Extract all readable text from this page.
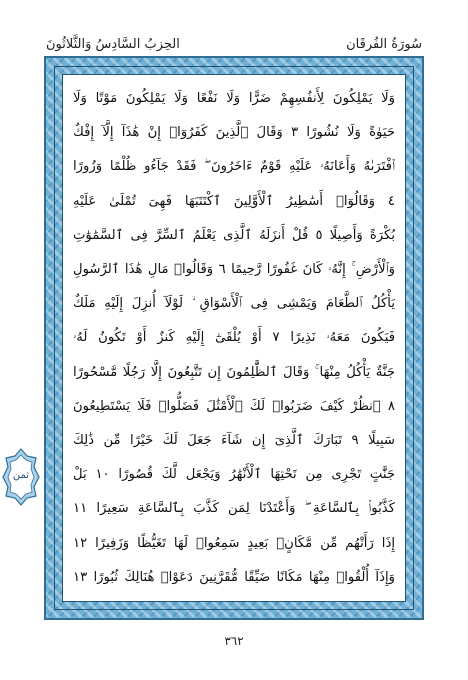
سُورَةُ الفُرقَان
الحِزبُ السَّادِسُ وَالثَّلاثُونَ
وَلَا يَمْلِكُونَ لِأَنفُسِهِمْ ضَرًّا وَلَا نَفْعًا وَلَا يَمْلِكُونَ مَوْتًا وَلَا
حَيَوٰةً وَلَا نُشُورًا ٣ وَقَالَ ٱلَّذِينَ كَفَرُوٓا۟ إِنْ هَٰذَآ إِلَّآ إِفْكٌ
ٱفْتَرَىٰهُ وَأَعَانَهُۥ عَلَيْهِ قَوْمٌ ءَاخَرُونَ ۖ فَقَدْ جَآءُو ظُلْمًا وَزُورًا
٤ وَقَالُوٓا۟ أَسَٰطِيرُ ٱلْأَوَّلِينَ ٱكْتَتَبَهَا فَهِىَ تُمْلَىٰ عَلَيْهِ
بُكْرَةً وَأَصِيلًا ٥ قُلْ أَنزَلَهُ ٱلَّذِى يَعْلَمُ ٱلسِّرَّ فِى ٱلسَّمَٰوَٰتِ
وَٱلْأَرْضِ ۚ إِنَّهُۥ كَانَ غَفُورًا رَّحِيمًا ٦ وَقَالُوا۟ مَالِ هَٰذَا ٱلرَّسُولِ
يَأْكُلُ ٱلطَّعَامَ وَيَمْشِى فِى ٱلْأَسْوَاقِ ۙ لَوْلَآ أُنزِلَ إِلَيْهِ مَلَكٌ
فَيَكُونَ مَعَهُۥ نَذِيرًا ٧ أَوْ يُلْقَىٰٓ إِلَيْهِ كَنزٌ أَوْ تَكُونُ لَهُۥ
جَنَّةٌ يَأْكُلُ مِنْهَا ۚ وَقَالَ ٱلظَّٰلِمُونَ إِن تَتَّبِعُونَ إِلَّا رَجُلًا مَّسْحُورًا
٨ ٱنظُرْ كَيْفَ ضَرَبُوا۟ لَكَ ٱلْأَمْثَٰلَ فَضَلُّوا۟ فَلَا يَسْتَطِيعُونَ
سَبِيلًا ٩ تَبَارَكَ ٱلَّذِىٓ إِن شَآءَ جَعَلَ لَكَ خَيْرًا مِّن ذَٰلِكَ
جَنَّٰتٍ تَجْرِى مِن تَحْتِهَا ٱلْأَنْهَٰرُ وَيَجْعَل لَّكَ قُصُورًا ١٠ بَلْ
كَذَّبُوا۟ بِٱلسَّاعَةِ ۖ وَأَعْتَدْنَا لِمَن كَذَّبَ بِٱلسَّاعَةِ سَعِيرًا ١١
إِذَا رَأَتْهُم مِّن مَّكَانٍۭ بَعِيدٍ سَمِعُوا۟ لَهَا تَغَيُّظًا وَزَفِيرًا ١٢
وَإِذَآ أُلْقُوا۟ مِنْهَا مَكَانًا ضَيِّقًا مُّقَرَّنِينَ دَعَوْا۟ هُنَالِكَ ثُبُورًا ١٣
ثمن
٣٦٢
